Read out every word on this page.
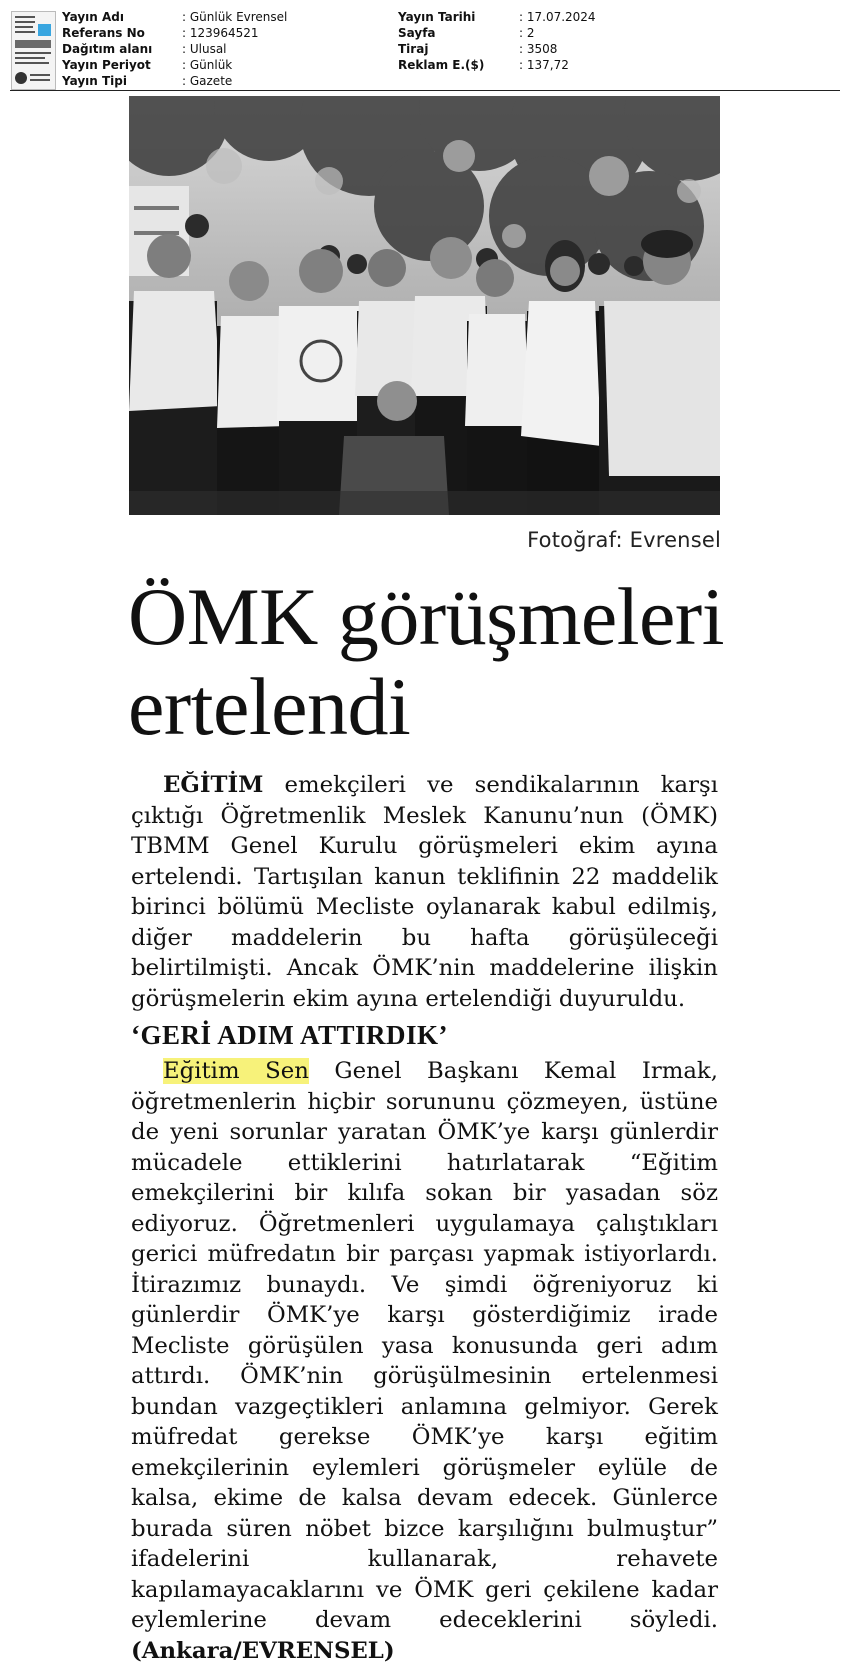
Yayın Adı	: Günlük Evrensel
Referans No	: 123964521
Dağıtım alanı	: Ulusal
Yayın Periyot	: Günlük
Yayın Tipi	: Gazete
Yayın Tarihi	: 17.07.2024
Sayfa	: 2
Tiraj	: 3508
Reklam E.($)	: 137,72
Fotoğraf: Evrensel
ÖMK görüşmeleri ertelendi

EĞİTİM emekçileri ve sendikalarının karşı çıktığı Öğretmenlik Meslek Kanunu’nun (ÖMK) TBMM Genel Kurulu görüşmeleri ekim ayına ertelendi. Tartışılan kanun teklifinin 22 maddelik birinci bölümü Mecliste oylanarak kabul edilmiş, diğer maddelerin bu hafta görüşüleceği belirtilmişti. Ancak ÖMK’nin maddelerine ilişkin görüşmelerin ekim ayına ertelendiği duyuruldu.

‘GERİ ADIM ATTIRDIK’

Eğitim Sen Genel Başkanı Kemal Irmak, öğretmenlerin hiçbir sorununu çözmeyen, üstüne de yeni sorunlar yaratan ÖMK’ye karşı günlerdir mücadele ettiklerini hatırlatarak “Eğitim emekçilerini bir kılıfa sokan bir yasadan söz ediyoruz. Öğretmenleri uygulamaya çalıştıkları gerici müfredatın bir parçası yapmak istiyorlardı. İtirazımız bunaydı. Ve şimdi öğreniyoruz ki günlerdir ÖMK’ye karşı gösterdiğimiz irade Mecliste görüşülen yasa konusunda geri adım attırdı. ÖMK’nin görüşülmesinin ertelenmesi bundan vazgeçtikleri anlamına gelmiyor. Gerek müfredat gerekse ÖMK’ye karşı eğitim emekçilerinin eylemleri görüşmeler eylüle de kalsa, ekime de kalsa devam edecek. Günlerce burada süren nöbet bizce karşılığını bulmuştur” ifadelerini kullanarak, rehavete kapılamayacaklarını ve ÖMK geri çekilene kadar eylemlerine devam edeceklerini söyledi. (Ankara/EVRENSEL)
